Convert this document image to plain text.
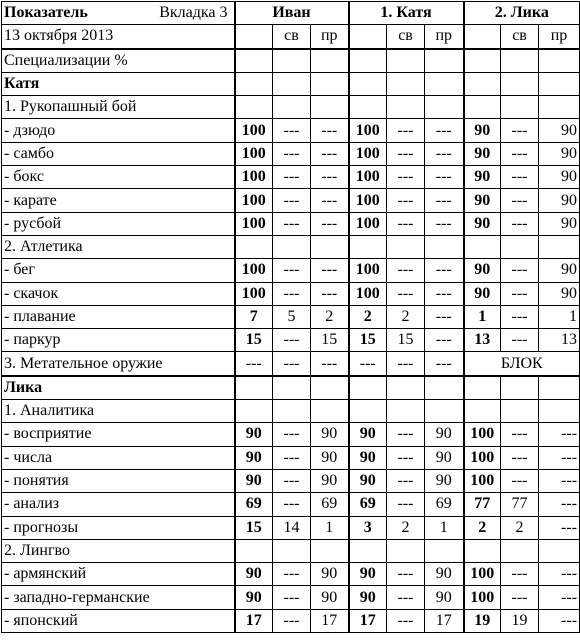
Показатель Вкладка 3	Иван			1. Катя			2. Лика		
13 октября 2013		св	пр		св	пр		св	пр
Специализации %									
Катя									
1. Рукопашный бой									
- дзюдо	100	---	---	100	---	---	90	---	90
- самбо	100	---	---	100	---	---	90	---	90
- бокс	100	---	---	100	---	---	90	---	90
- карате	100	---	---	100	---	---	90	---	90
- русбой	100	---	---	100	---	---	90	---	90
2. Атлетика									
- бег	100	---	---	100	---	---	90	---	90
- скачок	100	---	---	100	---	---	90	---	90
- плавание	7	5	2	2	2	---	1	---	1
- паркур	15	---	15	15	15	---	13	---	13
3. Метательное оружие	---	---	---	---	---	---	БЛОК		
Лика									
1. Аналитика									
- восприятие	90	---	90	90	---	90	100	---	---
- числа	90	---	90	90	---	90	100	---	---
- понятия	90	---	90	90	---	90	100	---	---
- анализ	69	---	69	69	---	69	77	77	---
- прогнозы	15	14	1	3	2	1	2	2	---
2. Лингво									
- армянский	90	---	90	90	---	90	100	---	---
- западно-германские	90	---	90	90	---	90	100	---	---
- японский	17	---	17	17	---	17	19	19	---
